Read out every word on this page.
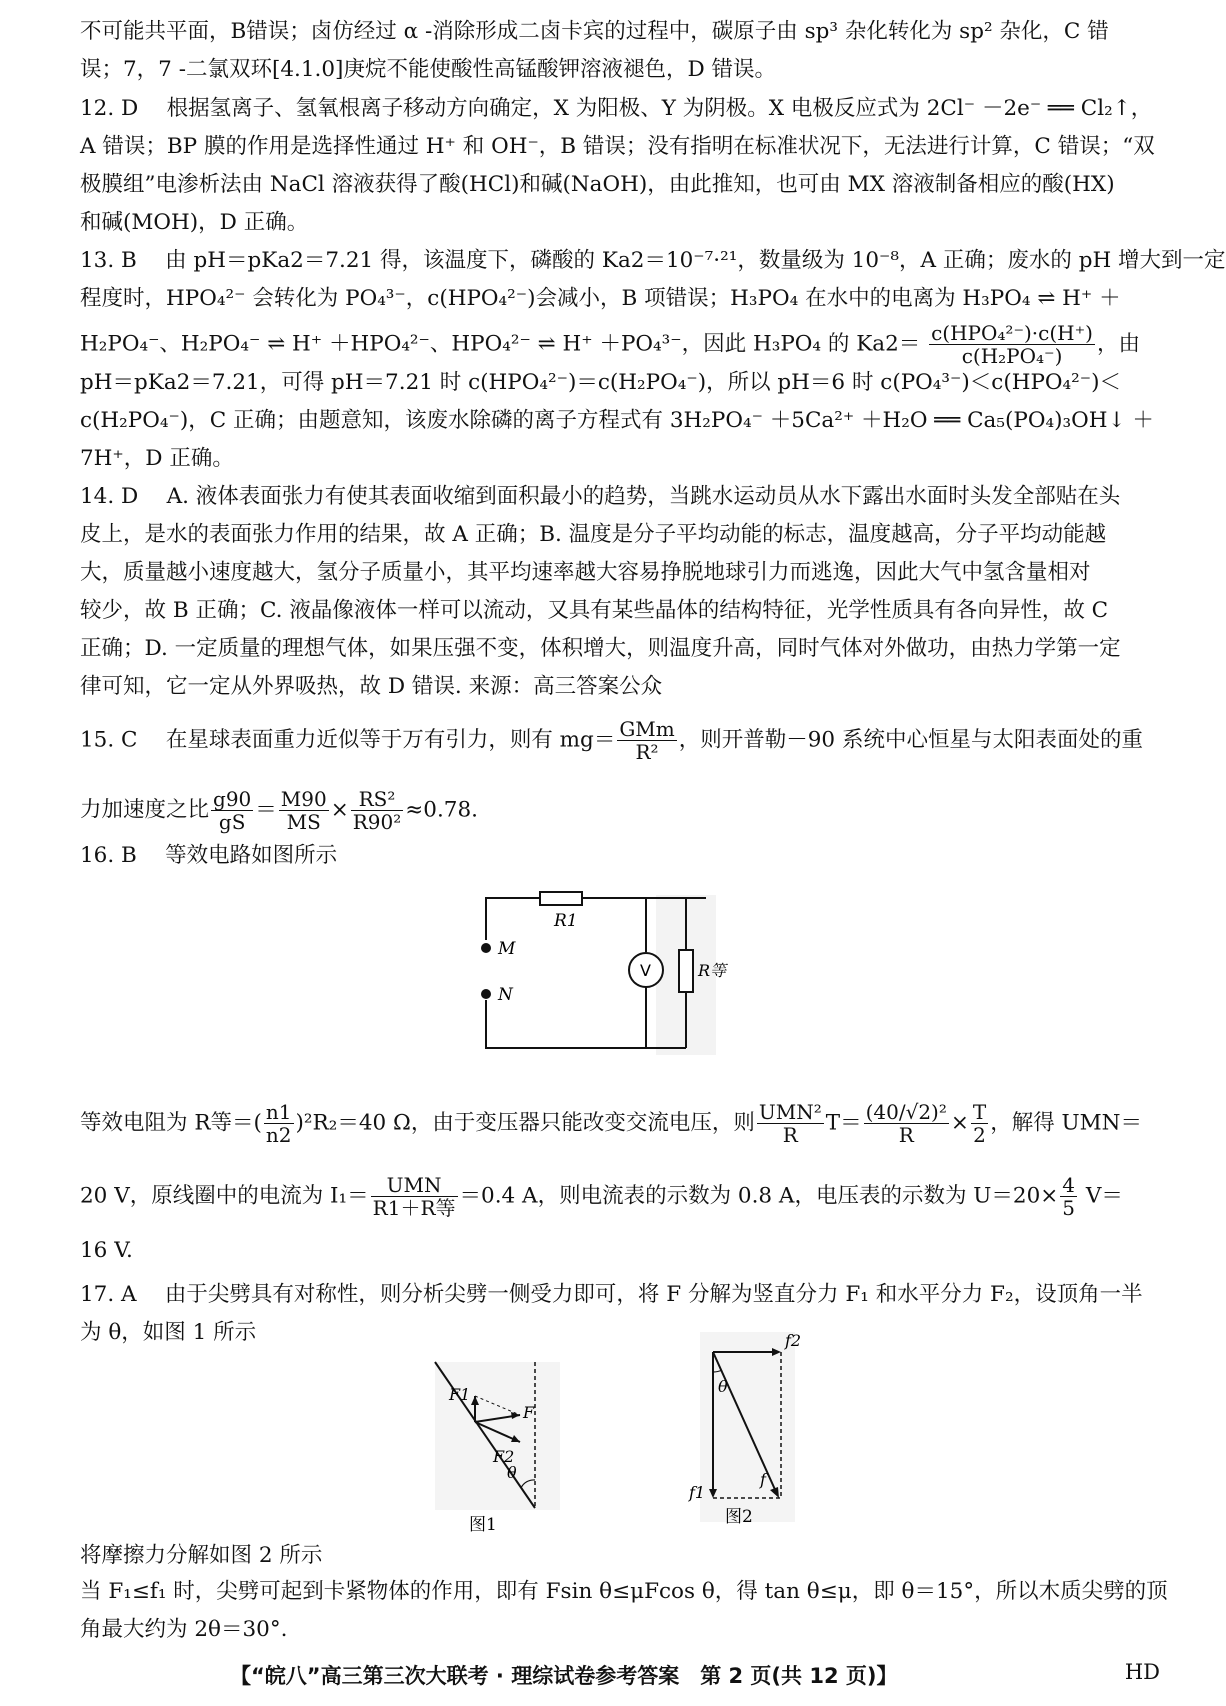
不可能共平面，B错误；卤仿经过 α -消除形成二卤卡宾的过程中，碳原子由 sp³ 杂化转化为 sp² 杂化，C 错
误；7，7 -二氯双环[4.1.0]庚烷不能使酸性高锰酸钾溶液褪色，D 错误。
12. D　 根据氢离子、氢氧根离子移动方向确定，X 为阳极、Y 为阴极。X 电极反应式为 2Cl⁻ －2e⁻ ══ Cl₂↑，
A 错误；BP 膜的作用是选择性通过 H⁺ 和 OH⁻，B 错误；没有指明在标准状况下，无法进行计算，C 错误；“双
极膜组”电渗析法由 NaCl 溶液获得了酸(HCl)和碱(NaOH)，由此推知，也可由 MX 溶液制备相应的酸(HX)
和碱(MOH)，D 正确。
13. B　 由 pH＝pKa2＝7.21 得，该温度下，磷酸的 Ka2＝10⁻⁷·²¹，数量级为 10⁻⁸，A 正确；废水的 pH 增大到一定
程度时，HPO₄²⁻ 会转化为 PO₄³⁻，c(HPO₄²⁻)会减小，B 项错误；H₃PO₄ 在水中的电离为 H₃PO₄ ⇌ H⁺ ＋
H₂PO₄⁻、H₂PO₄⁻ ⇌ H⁺ ＋HPO₄²⁻、HPO₄²⁻ ⇌ H⁺ ＋PO₄³⁻，因此 H₃PO₄ 的 $Ka2= \frac{\text{c(HPO₄²⁻)·c(H⁺)}}{\text{c(H₂PO₄⁻)}}$ ，由
pH＝pKa2＝7.21，可得 pH＝7.21 时 c(HPO₄²⁻)＝c(H₂PO₄⁻)，所以 pH＝6 时 c(PO₄³⁻)＜c(HPO₄²⁻)＜
c(H₂PO₄⁻)，C 正确；由题意知，该废水除磷的离子方程式有 3H₂PO₄⁻ ＋5Ca²⁺ ＋H₂O ══ Ca₅(PO₄)₃OH↓ ＋
7H⁺，D 正确。
14. D　 A. 液体表面张力有使其表面收缩到面积最小的趋势，当跳水运动员从水下露出水面时头发全部贴在头
皮上，是水的表面张力作用的结果，故 A 正确；B. 温度是分子平均动能的标志，温度越高，分子平均动能越
大，质量越小速度越大，氢分子质量小，其平均速率越大容易挣脱地球引力而逃逸，因此大气中氢含量相对
较少，故 B 正确；C. 液晶像液体一样可以流动，又具有某些晶体的结构特征，光学性质具有各向异性，故 C
正确；D. 一定质量的理想气体，如果压强不变，体积增大，则温度升高，同时气体对外做功，由热力学第一定
律可知，它一定从外界吸热，故 D 错误. 来源：高三答案公众
15. C　 在星球表面重力近似等于万有引力，则有 $mg= \frac{\text{GMm}}{\text{R²}}$ ，则开普勒－90 系统中心恒星与太阳表面处的重
力加速度之比 $\frac{g90}{gS} = \frac{M90}{MS} \times \frac{\text{RS²}}{\text{R90²}} \approx 0.78$.
16. B　 等效电路如图所示
R1
M
N
V	R等
等效电阻为 R等＝( $\frac{n1}{n2} )^2R_2=40$ Ω，由于变压器只能改变交流电压，则 $\frac{\text{UMN²}}{R} T= \frac{\text{(40/√2)²}}{R} \times \frac{T}{2}$ ，解得 UMN＝
20 V，原线圈中的电流为 $I_1= \frac{\text{UMN}}{\text{R1＋R等}} =0.4$ A，则电流表的示数为 0.8 A，电压表的示数为 $U=20\times \frac{4}{5} V=$
16 V.
17. A　 由于尖劈具有对称性，则分析尖劈一侧受力即可，将 F 分解为竖直分力 F₁ 和水平分力 F₂，设顶角一半
为 θ，如图 1 所示
F1
F
F2
θ
图1
f2
θ
f
f1
图2
将摩擦力分解如图 2 所示
当 F₁≤f₁ 时，尖劈可起到卡紧物体的作用，即有 Fsin θ≤μFcos θ，得 tan θ≤μ，即 θ＝15°，所以木质尖劈的顶
角最大约为 2θ＝30°.
【“皖八”高三第三次大联考 · 理综试卷参考答案　第 2 页(共 12 页)】	HD
